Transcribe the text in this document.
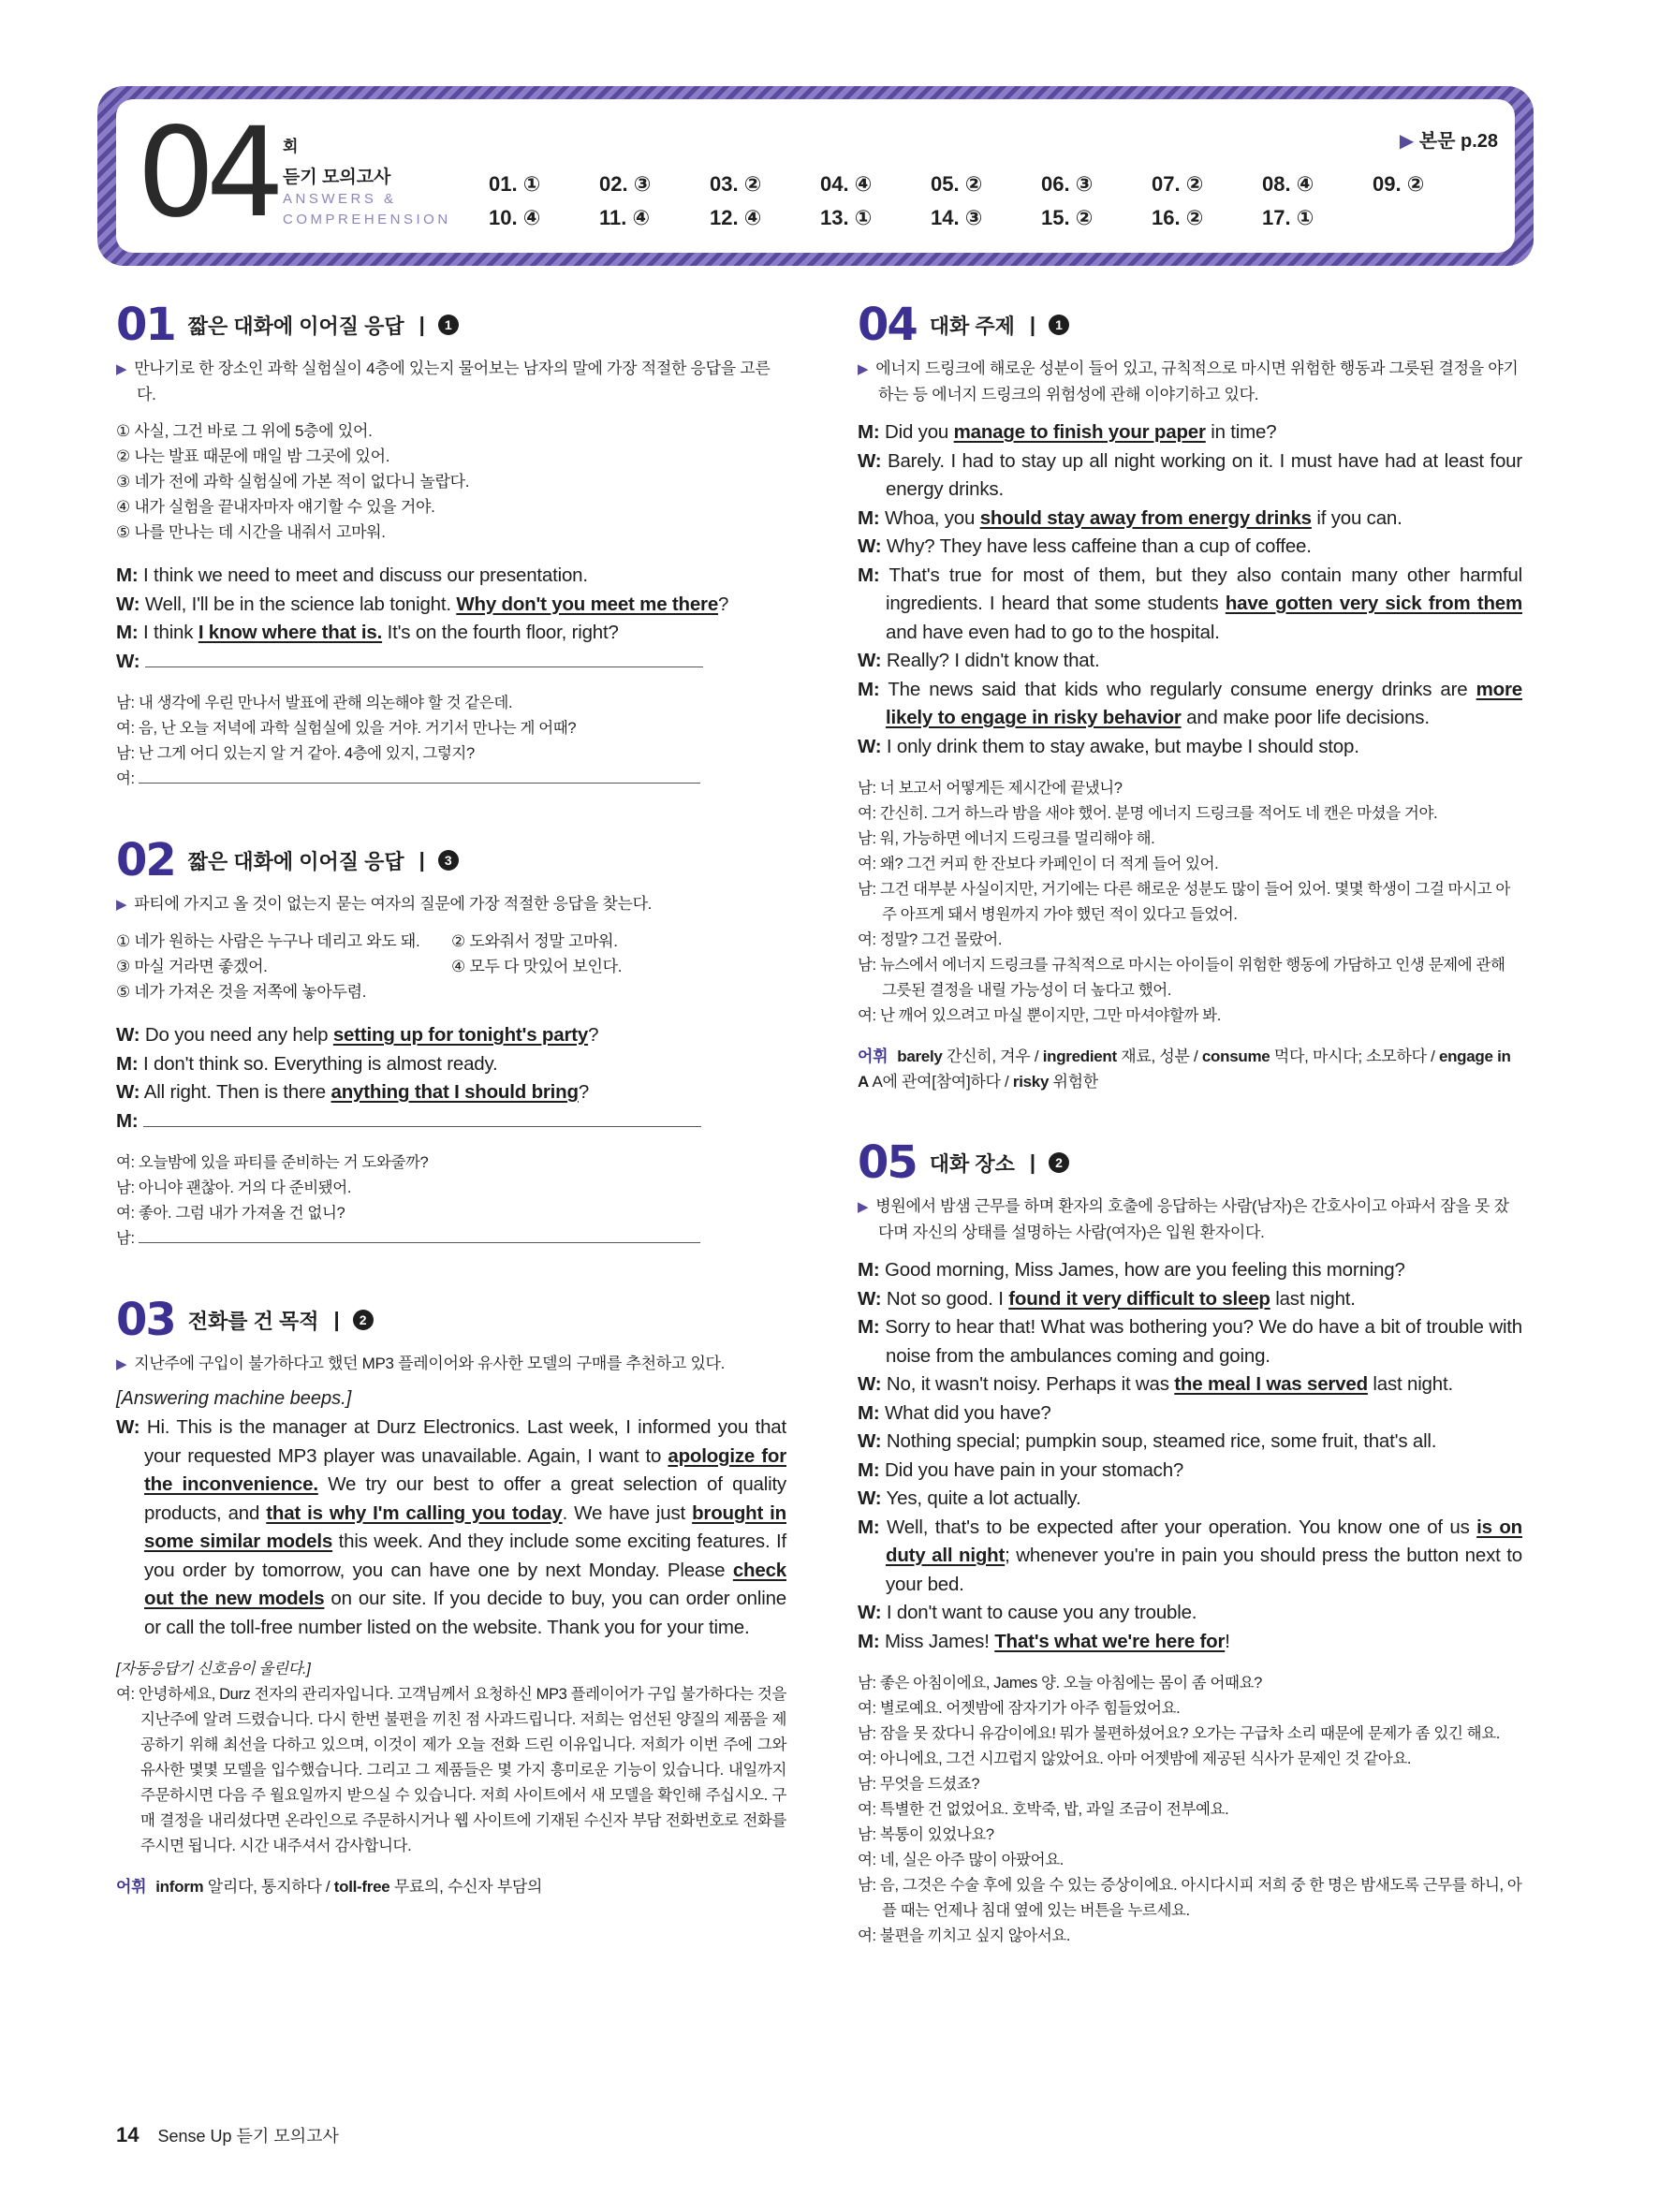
04 회
듣기 모의고사
ANSWERS &
COMPREHENSION
▶ 본문 p.28
01. ①	02. ③	03. ②	04. ④	05. ②	06. ③	07. ②	08. ④	09. ②
10. ④	11. ④	12. ④	13. ①	14. ③	15. ②	16. ②	17. ①
01 짧은 대화에 이어질 응답 |	1
▶ 만나기로 한 장소인 과학 실험실이 4층에 있는지 물어보는 남자의 말에 가장 적절한 응답을 고른다.
① 사실, 그건 바로 그 위에 5층에 있어.
② 나는 발표 때문에 매일 밤 그곳에 있어.
③ 네가 전에 과학 실험실에 가본 적이 없다니 놀랍다.
④ 내가 실험을 끝내자마자 얘기할 수 있을 거야.
⑤ 나를 만나는 데 시간을 내줘서 고마워.
M: I think we need to meet and discuss our presentation.
W: Well, I'll be in the science lab tonight. Why don't you meet me there?
M: I think I know where that is. It's on the fourth floor, right?
W:
남: 내 생각에 우린 만나서 발표에 관해 의논해야 할 것 같은데.
여: 음, 난 오늘 저녁에 과학 실험실에 있을 거야. 거기서 만나는 게 어때?
남: 난 그게 어디 있는지 알 거 같아. 4층에 있지, 그렇지?
여:
02 짧은 대화에 이어질 응답 |	3
▶ 파티에 가지고 올 것이 없는지 묻는 여자의 질문에 가장 적절한 응답을 찾는다.
① 네가 원하는 사람은 누구나 데리고 와도 돼.	② 도와줘서 정말 고마워.
③ 마실 거라면 좋겠어.	④ 모두 다 맛있어 보인다.
⑤ 네가 가져온 것을 저쪽에 놓아두렴.
W: Do you need any help setting up for tonight's party?
M: I don't think so. Everything is almost ready.
W: All right. Then is there anything that I should bring?
M:
여: 오늘밤에 있을 파티를 준비하는 거 도와줄까?
남: 아니야 괜찮아. 거의 다 준비됐어.
여: 좋아. 그럼 내가 가져올 건 없니?
남:
03 전화를 건 목적 |	2
▶ 지난주에 구입이 불가하다고 했던 MP3 플레이어와 유사한 모델의 구매를 추천하고 있다.
[Answering machine beeps.]
W: Hi. This is the manager at Durz Electronics. Last week, I informed you that your requested MP3 player was unavailable. Again, I want to apologize for the inconvenience. We try our best to offer a great selection of quality products, and that is why I'm calling you today. We have just brought in some similar models this week. And they include some exciting features. If you order by tomorrow, you can have one by next Monday. Please check out the new models on our site. If you decide to buy, you can order online or call the toll-free number listed on the website. Thank you for your time.
[자동응답기 신호음이 울린다.]
여: 안녕하세요, Durz 전자의 관리자입니다. 고객님께서 요청하신 MP3 플레이어가 구입 불가하다는 것을 지난주에 알려 드렸습니다. 다시 한번 불편을 끼친 점 사과드립니다. 저희는 엄선된 양질의 제품을 제공하기 위해 최선을 다하고 있으며, 이것이 제가 오늘 전화 드린 이유입니다. 저희가 이번 주에 그와 유사한 몇몇 모델을 입수했습니다. 그리고 그 제품들은 몇 가지 흥미로운 기능이 있습니다. 내일까지 주문하시면 다음 주 월요일까지 받으실 수 있습니다. 저희 사이트에서 새 모델을 확인해 주십시오. 구매 결정을 내리셨다면 온라인으로 주문하시거나 웹 사이트에 기재된 수신자 부담 전화번호로 전화를 주시면 됩니다. 시간 내주셔서 감사합니다.
어휘 inform 알리다, 통지하다 / toll-free 무료의, 수신자 부담의
04 대화 주제 |	1
▶ 에너지 드링크에 해로운 성분이 들어 있고, 규칙적으로 마시면 위험한 행동과 그릇된 결정을 야기하는 등 에너지 드링크의 위험성에 관해 이야기하고 있다.
M: Did you manage to finish your paper in time?
W: Barely. I had to stay up all night working on it. I must have had at least four energy drinks.
M: Whoa, you should stay away from energy drinks if you can.
W: Why? They have less caffeine than a cup of coffee.
M: That's true for most of them, but they also contain many other harmful ingredients. I heard that some students have gotten very sick from them and have even had to go to the hospital.
W: Really? I didn't know that.
M: The news said that kids who regularly consume energy drinks are more likely to engage in risky behavior and make poor life decisions.
W: I only drink them to stay awake, but maybe I should stop.
남: 너 보고서 어떻게든 제시간에 끝냈니?
여: 간신히. 그거 하느라 밤을 새야 했어. 분명 에너지 드링크를 적어도 네 캔은 마셨을 거야.
남: 워, 가능하면 에너지 드링크를 멀리해야 해.
여: 왜? 그건 커피 한 잔보다 카페인이 더 적게 들어 있어.
남: 그건 대부분 사실이지만, 거기에는 다른 해로운 성분도 많이 들어 있어. 몇몇 학생이 그걸 마시고 아주 아프게 돼서 병원까지 가야 했던 적이 있다고 들었어.
여: 정말? 그건 몰랐어.
남: 뉴스에서 에너지 드링크를 규칙적으로 마시는 아이들이 위험한 행동에 가담하고 인생 문제에 관해 그릇된 결정을 내릴 가능성이 더 높다고 했어.
여: 난 깨어 있으려고 마실 뿐이지만, 그만 마셔야할까 봐.
어휘 barely 간신히, 겨우 / ingredient 재료, 성분 / consume 먹다, 마시다; 소모하다 / engage in A A에 관여[참여]하다 / risky 위험한
05 대화 장소 |	2
▶ 병원에서 밤샘 근무를 하며 환자의 호출에 응답하는 사람(남자)은 간호사이고 아파서 잠을 못 잤다며 자신의 상태를 설명하는 사람(여자)은 입원 환자이다.
M: Good morning, Miss James, how are you feeling this morning?
W: Not so good. I found it very difficult to sleep last night.
M: Sorry to hear that! What was bothering you? We do have a bit of trouble with noise from the ambulances coming and going.
W: No, it wasn't noisy. Perhaps it was the meal I was served last night.
M: What did you have?
W: Nothing special; pumpkin soup, steamed rice, some fruit, that's all.
M: Did you have pain in your stomach?
W: Yes, quite a lot actually.
M: Well, that's to be expected after your operation. You know one of us is on duty all night; whenever you're in pain you should press the button next to your bed.
W: I don't want to cause you any trouble.
M: Miss James! That's what we're here for!
남: 좋은 아침이에요, James 양. 오늘 아침에는 몸이 좀 어때요?
여: 별로예요. 어젯밤에 잠자기가 아주 힘들었어요.
남: 잠을 못 잤다니 유감이에요! 뭐가 불편하셨어요? 오가는 구급차 소리 때문에 문제가 좀 있긴 해요.
여: 아니에요, 그건 시끄럽지 않았어요. 아마 어젯밤에 제공된 식사가 문제인 것 같아요.
남: 무엇을 드셨죠?
여: 특별한 건 없었어요. 호박죽, 밥, 과일 조금이 전부예요.
남: 복통이 있었나요?
여: 네, 실은 아주 많이 아팠어요.
남: 음, 그것은 수술 후에 있을 수 있는 증상이에요. 아시다시피 저희 중 한 명은 밤새도록 근무를 하니, 아플 때는 언제나 침대 옆에 있는 버튼을 누르세요.
여: 불편을 끼치고 싶지 않아서요.
14 Sense Up 듣기 모의고사
